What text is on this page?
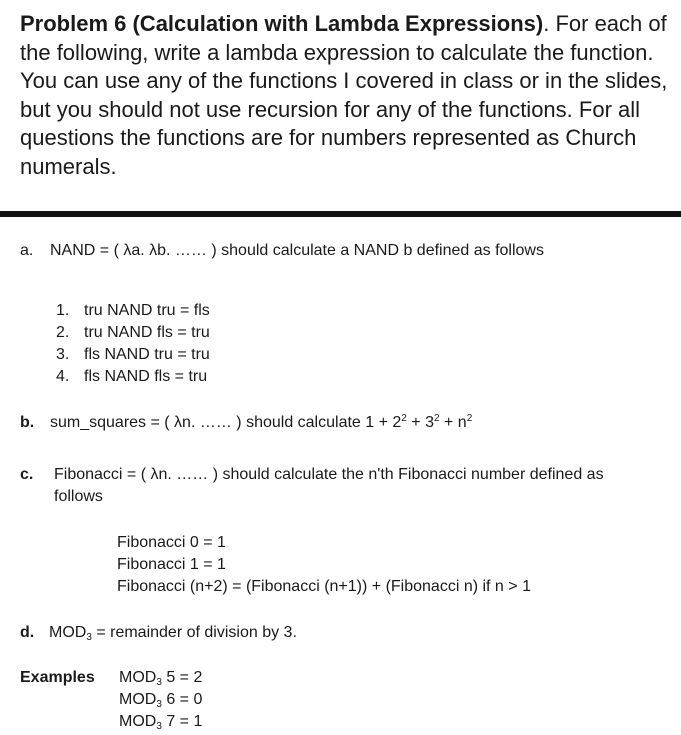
Problem 6 (Calculation with Lambda Expressions). For each of the following, write a lambda expression to calculate the function. You can use any of the functions I covered in class or in the slides, but you should not use recursion for any of the functions. For all questions the functions are for numbers represented as Church numerals.
a. NAND = ( λa. λb. …… ) should calculate a NAND b defined as follows
1. tru NAND tru = fls
2. tru NAND fls = tru
3. fls NAND tru = tru
4. fls NAND fls = tru
b. sum_squares = ( λn. …… ) should calculate $1 + 2^2 + 3^2 + n^2$
c. Fibonacci = ( λn. …… ) should calculate the n'th Fibonacci number defined as
follows
Fibonacci 0 = 1
Fibonacci 1 = 1
Fibonacci (n+2) = (Fibonacci (n+1)) + (Fibonacci n) if n > 1
d. $MOD_3$ = remainder of division by 3.
Examples $MOD_3$ 5 = 2
$MOD_3$ 6 = 0
$MOD_3$ 7 = 1
